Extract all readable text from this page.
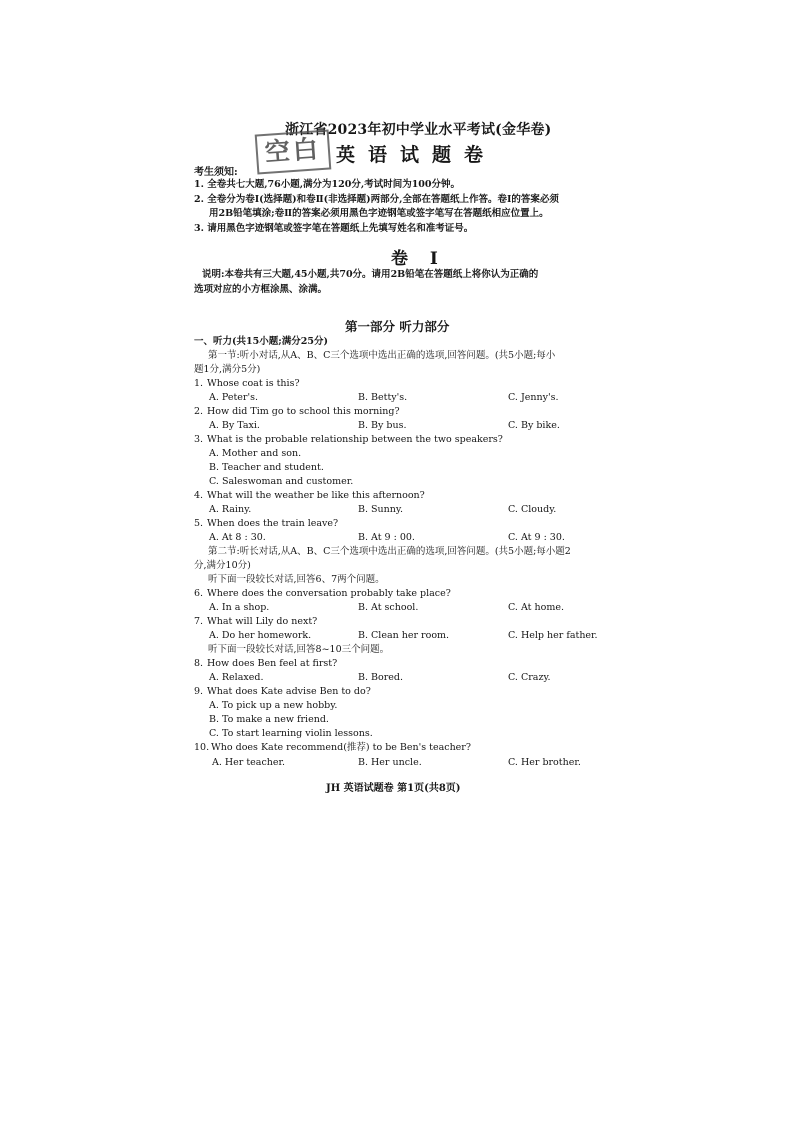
浙江省2023年初中学业水平考试(金华卷)
空白 英语试题卷
考生须知:
1. 全卷共七大题,76小题,满分为120分,考试时间为100分钟。
2. 全卷分为卷Ⅰ(选择题)和卷Ⅱ(非选择题)两部分,全部在答题纸上作答。卷Ⅰ的答案必须
用2B铅笔填涂;卷Ⅱ的答案必须用黑色字迹钢笔或签字笔写在答题纸相应位置上。
3. 请用黑色字迹钢笔或签字笔在答题纸上先填写姓名和准考证号。
卷 Ⅰ
说明:本卷共有三大题,45小题,共70分。请用2B铅笔在答题纸上将你认为正确的
选项对应的小方框涂黑、涂满。
第一部分 听力部分
一、听力(共15小题;满分25分)
第一节:听小对话,从A、B、C三个选项中选出正确的选项,回答问题。(共5小题;每小
题1分,满分5分)
1. Whose coat is this?
A. Peter's.	B. Betty's.	C. Jenny's.
2. How did Tim go to school this morning?
A. By Taxi.	B. By bus.	C. By bike.
3. What is the probable relationship between the two speakers?
A. Mother and son.
B. Teacher and student.
C. Saleswoman and customer.
4. What will the weather be like this afternoon?
A. Rainy.	B. Sunny.	C. Cloudy.
5. When does the train leave?
A. At 8 : 30.	B. At 9 : 00.	C. At 9 : 30.
第二节:听长对话,从A、B、C三个选项中选出正确的选项,回答问题。(共5小题;每小题2
分,满分10分)
听下面一段较长对话,回答6、7两个问题。
6. Where does the conversation probably take place?
A. In a shop.	B. At school.	C. At home.
7. What will Lily do next?
A. Do her homework.	B. Clean her room.	C. Help her father.
听下面一段较长对话,回答8~10三个问题。
8. How does Ben feel at first?
A. Relaxed.	B. Bored.	C. Crazy.
9. What does Kate advise Ben to do?
A. To pick up a new hobby.
B. To make a new friend.
C. To start learning violin lessons.
10. Who does Kate recommend(推荐) to be Ben's teacher?
A. Her teacher.	B. Her uncle.	C. Her brother.
JH 英语试题卷 第1页(共8页)
